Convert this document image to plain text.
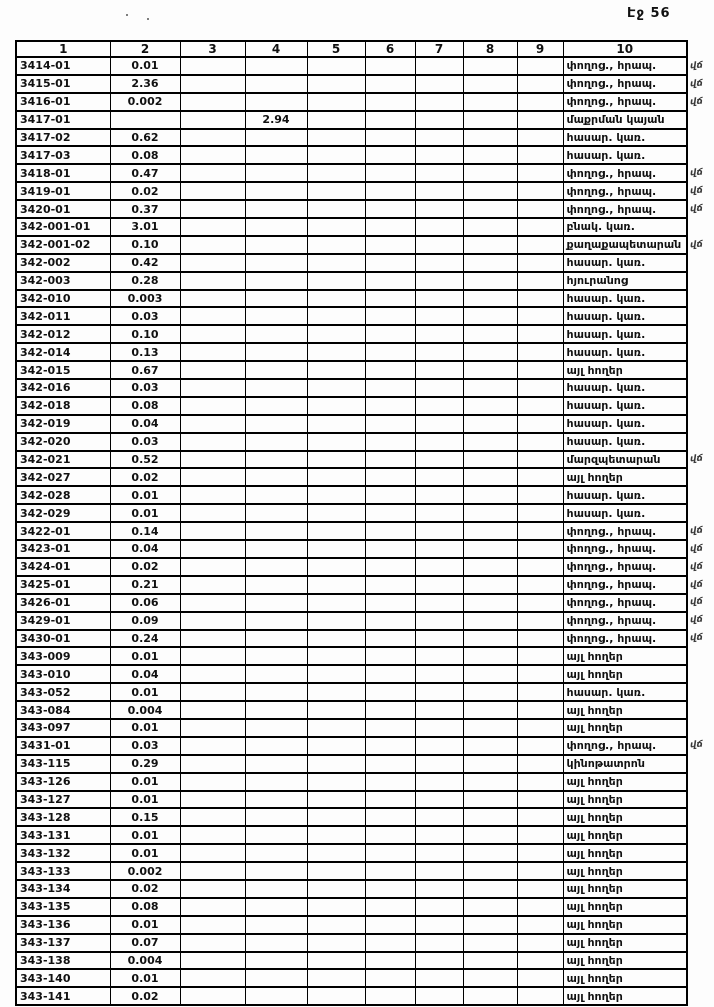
Էջ 56
1	2	3	4	5	6	7	8	9	10
3414-01	0.01								փողոց., հրապ.
3415-01	2.36								փողոց., հրապ.
3416-01	0.002								փողոց., հրապ.
3417-01			2.94						մաքրման կայան
3417-02	0.62								հասար. կառ.
3417-03	0.08								հասար. կառ.
3418-01	0.47								փողոց., հրապ.
3419-01	0.02								փողոց., հրապ.
3420-01	0.37								փողոց., հրապ.
342-001-01	3.01								բնակ. կառ.
342-001-02	0.10								քաղաքապետարան
342-002	0.42								հասար. կառ.
342-003	0.28								հյուրանոց
342-010	0.003								հասար. կառ.
342-011	0.03								հասար. կառ.
342-012	0.10								հասար. կառ.
342-014	0.13								հասար. կառ.
342-015	0.67								այլ հողեր
342-016	0.03								հասար. կառ.
342-018	0.08								հասար. կառ.
342-019	0.04								հասար. կառ.
342-020	0.03								հասար. կառ.
342-021	0.52								մարզպետարան
342-027	0.02								այլ հողեր
342-028	0.01								հասար. կառ.
342-029	0.01								հասար. կառ.
3422-01	0.14								փողոց., հրապ.
3423-01	0.04								փողոց., հրապ.
3424-01	0.02								փողոց., հրապ.
3425-01	0.21								փողոց., հրապ.
3426-01	0.06								փողոց., հրապ.
3429-01	0.09								փողոց., հրապ.
3430-01	0.24								փողոց., հրապ.
343-009	0.01								այլ հողեր
343-010	0.04								այլ հողեր
343-052	0.01								հասար. կառ.
343-084	0.004								այլ հողեր
343-097	0.01								այլ հողեր
3431-01	0.03								փողոց., հրապ.
343-115	0.29								կինոթատրոն
343-126	0.01								այլ հողեր
343-127	0.01								այլ հողեր
343-128	0.15								այլ հողեր
343-131	0.01								այլ հողեր
343-132	0.01								այլ հողեր
343-133	0.002								այլ հողեր
343-134	0.02								այլ հողեր
343-135	0.08								այլ հողեր
343-136	0.01								այլ հողեր
343-137	0.07								այլ հողեր
343-138	0.004								այլ հողեր
343-140	0.01								այլ հողեր
343-141	0.02								այլ հողեր
վճ
վճ
վճ
վճ
վճ
վճ
վճ
վճ
վճ
վճ
վճ
վճ
վճ
վճ
վճ
վճ
